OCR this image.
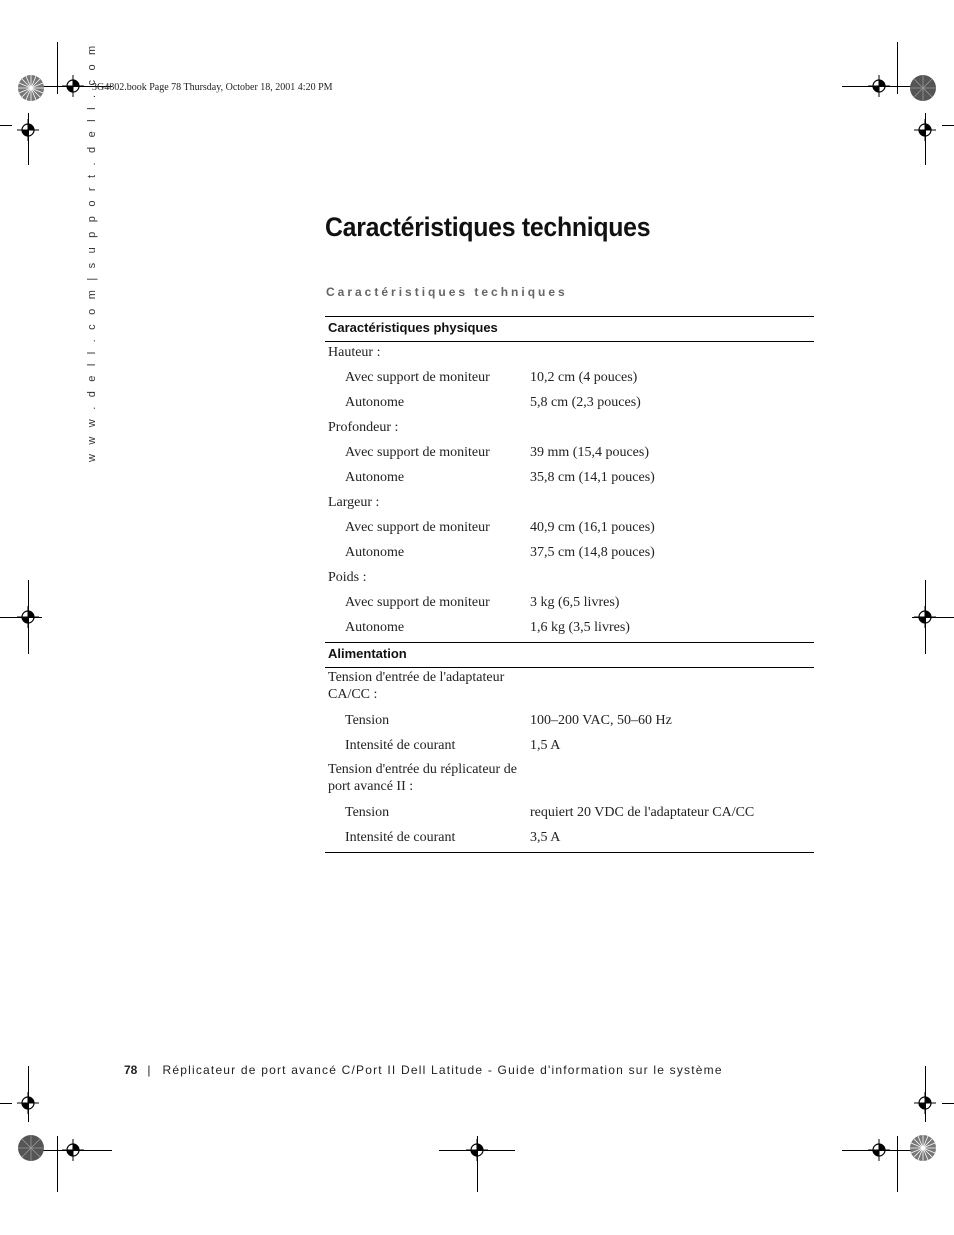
3G4802.book Page 78 Thursday, October 18, 2001 4:20 PM
w w w . d e l l . c o m | s u p p o r t . d e l l . c o m	Caractéristiques techniques
Caractéristiques techniques
Caractéristiques physiques
Hauteur :
Avec support de moniteur	10,2 cm (4 pouces)
Autonome	5,8 cm (2,3 pouces)
Profondeur :
Avec support de moniteur	39 mm (15,4 pouces)
Autonome	35,8 cm (14,1 pouces)
Largeur :
Avec support de moniteur	40,9 cm (16,1 pouces)
Autonome	37,5 cm (14,8 pouces)
Poids :
Avec support de moniteur	3 kg (6,5 livres)
Autonome	1,6 kg (3,5 livres)
Alimentation
Tension d'entrée de l'adaptateur CA/CC :
Tension	100–200 VAC, 50–60 Hz
Intensité de courant	1,5 A
Tension d'entrée du réplicateur de port avancé II :
Tension	requiert 20 VDC de l'adaptateur CA/CC
Intensité de courant	3,5 A
78 | Réplicateur de port avancé C/Port II Dell Latitude - Guide d'information sur le système
